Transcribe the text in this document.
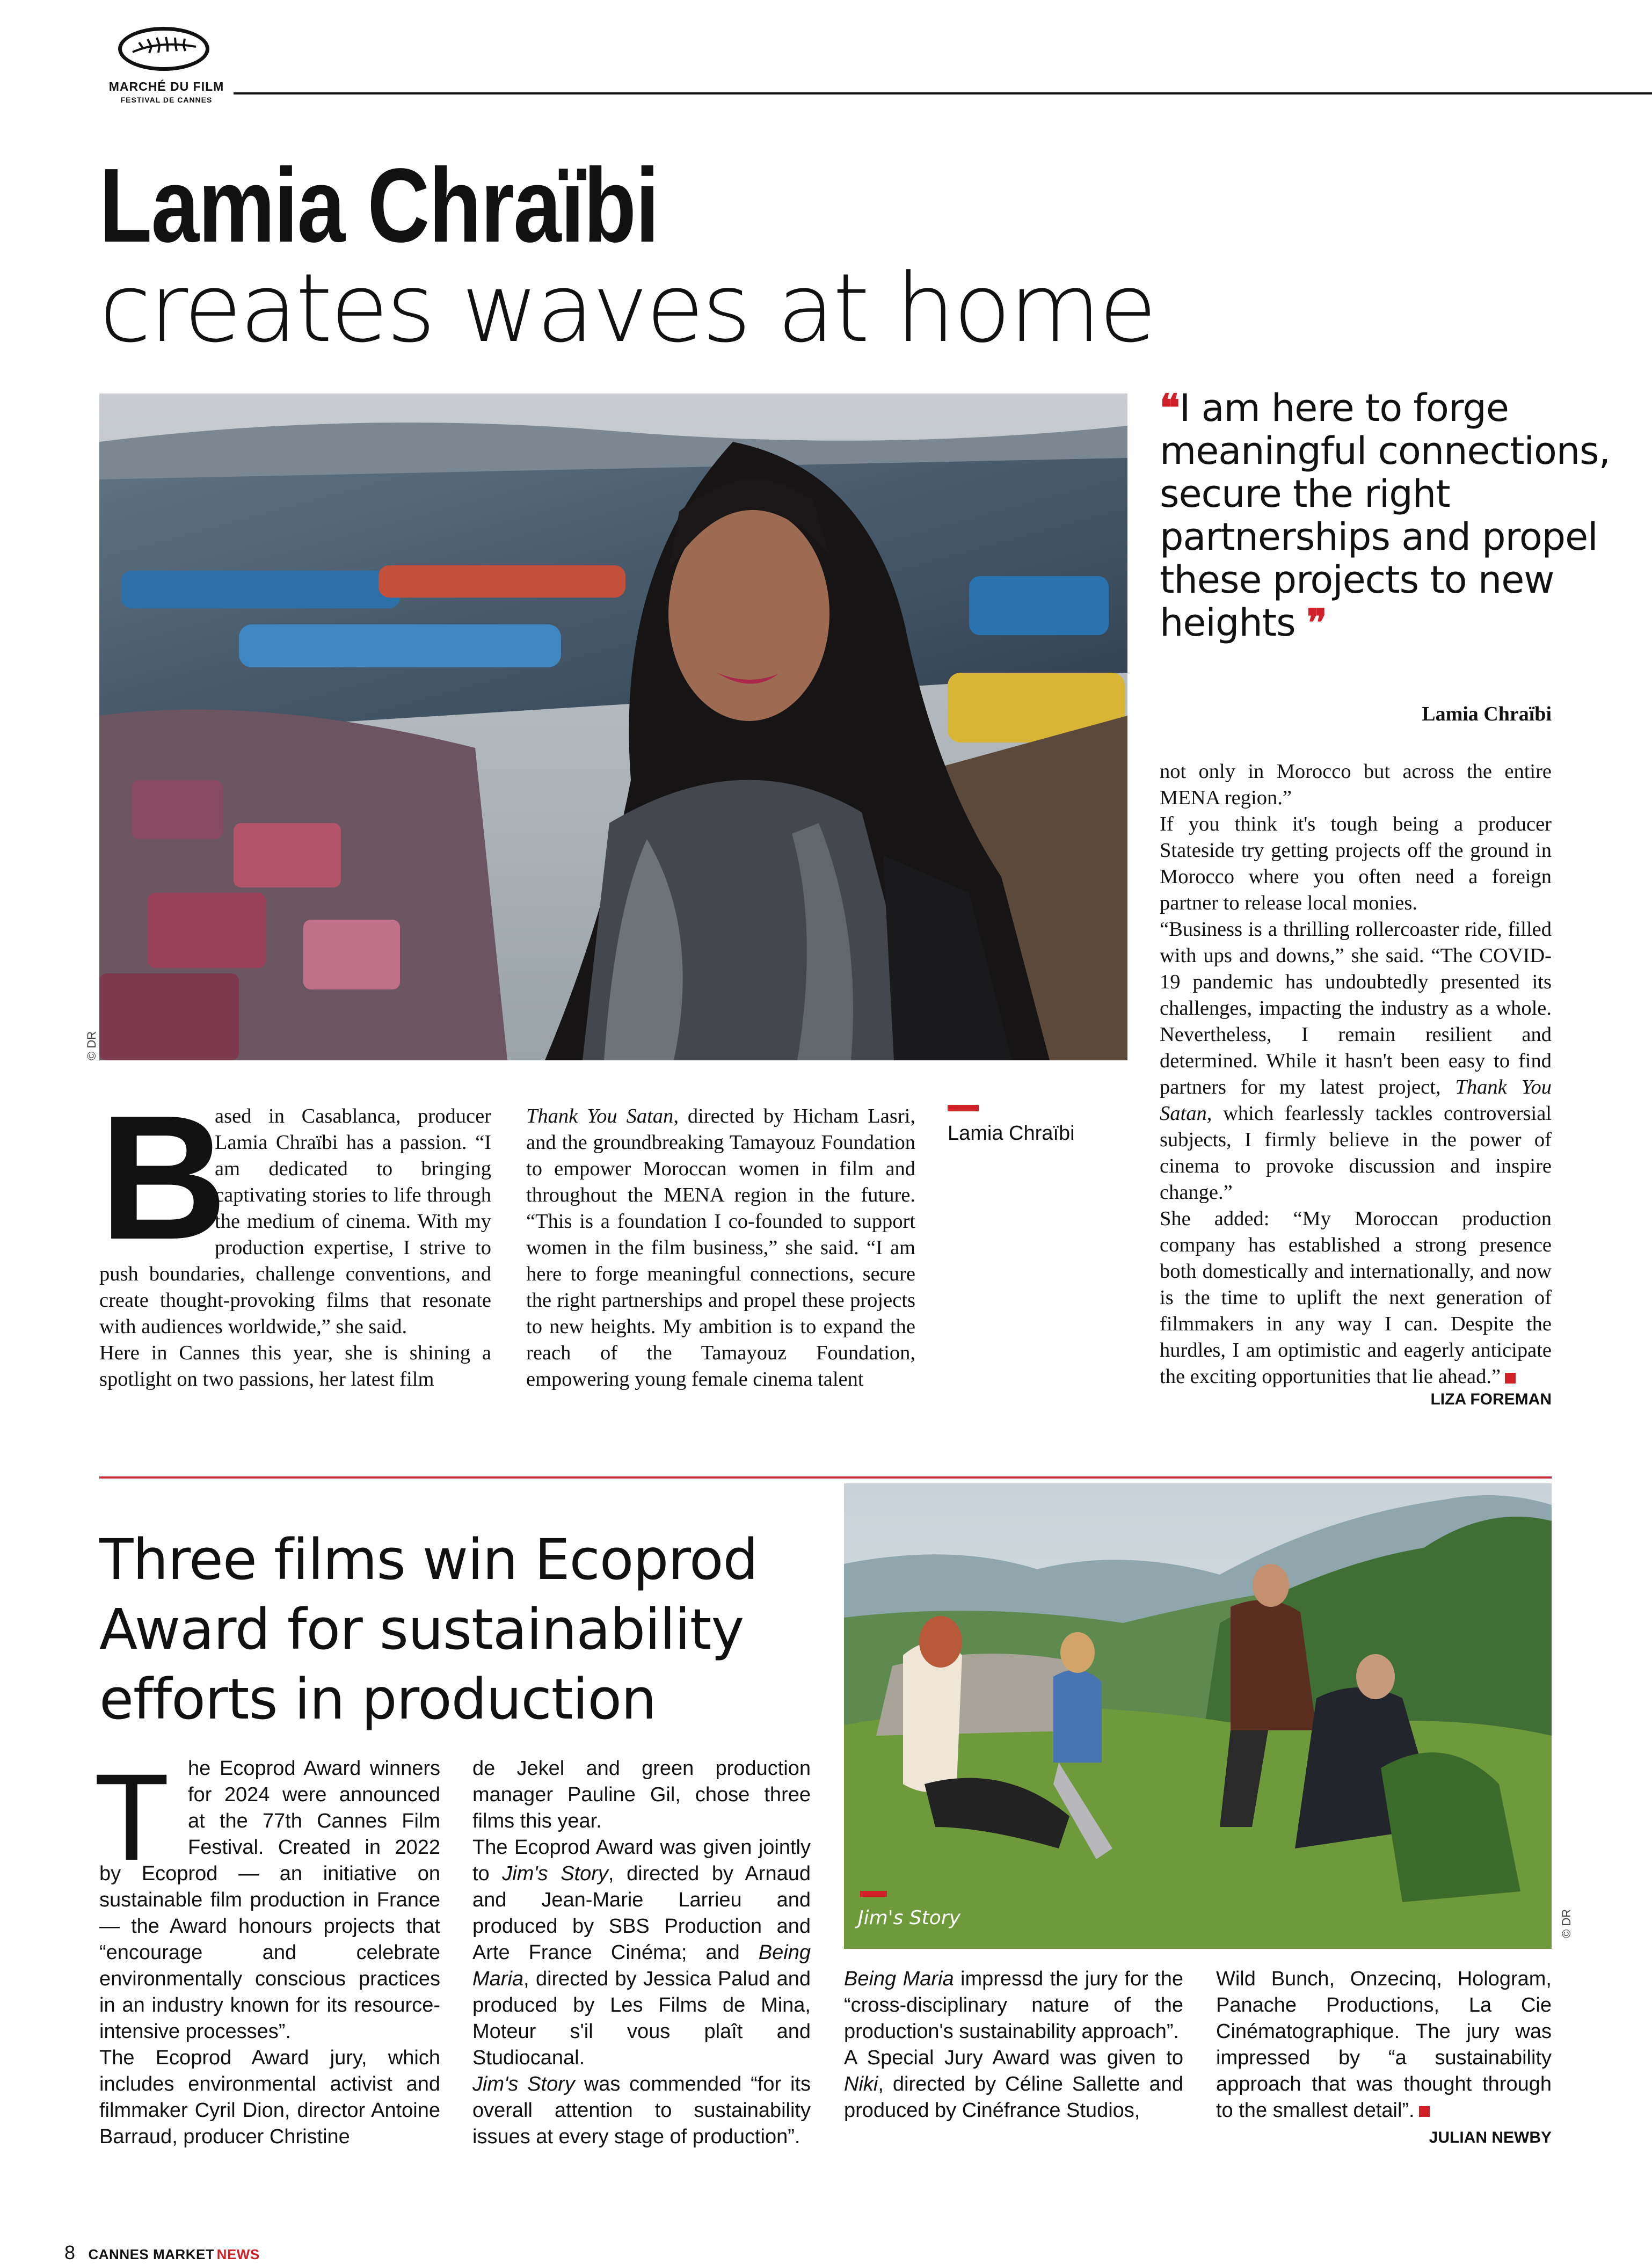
MARCHÉ DU FILM
FESTIVAL DE CANNES
Lamia Chraïbi
creates waves at home
© DR
❝I am here to forge meaningful connections, secure the right partnerships and propel these projects to new heights ❞
Lamia Chraïbi
B

ased in Casablanca, producer Lamia Chraïbi has a passion. “I am dedicated to bringing captivating stories to life through the medium of cinema. With my production expertise, I strive to push boundaries, challenge conventions, and create thought-provoking films that resonate with audiences worldwide,” she said.

Here in Cannes this year, she is shining a spotlight on two passions, her latest film

Thank You Satan, directed by Hicham Lasri, and the groundbreaking Tamayouz Foundation to empower Moroccan women in film and throughout the MENA region in the future. “This is a foundation I co-founded to support women in the film business,” she said. “I am here to forge meaningful connections, secure the right partnerships and propel these projects to new heights. My ambition is to expand the reach of the Tamayouz Foundation, empowering young female cinema talent

Lamia Chraïbi

not only in Morocco but across the entire MENA region.”

If you think it's tough being a producer Stateside try getting projects off the ground in Morocco where you often need a foreign partner to release local monies.

“Business is a thrilling rollercoaster ride, filled with ups and downs,” she said. “The COVID-19 pandemic has undoubtedly presented its challenges, impacting the industry as a whole. Nevertheless, I remain resilient and determined. While it hasn't been easy to find partners for my latest project, Thank You Satan, which fearlessly tackles controversial subjects, I firmly believe in the power of cinema to provoke discussion and inspire change.”

She added: “My Moroccan production company has established a strong presence both domestically and internationally, and now is the time to uplift the next generation of filmmakers in any way I can. Despite the hurdles, I am optimistic and eagerly anticipate the exciting opportunities that lie ahead.”

LIZA FOREMAN
Three films win Ecoprod Award for sustainability efforts in production
Jim's Story	© DR
T he Ecoprod Award winners for 2024 were announced at the 77th Cannes Film Festival. Created in 2022 by Ecoprod — an initiative on sustainable film production in France — the Award honours projects that “encourage and celebrate environmentally conscious practices in an industry known for its resource-intensive processes”.

The Ecoprod Award jury, which includes environmental activist and filmmaker Cyril Dion, director Antoine Barraud, producer Christine

de Jekel and green production manager Pauline Gil, chose three films this year.

The Ecoprod Award was given jointly to Jim's Story, directed by Arnaud and Jean-Marie Larrieu and produced by SBS Production and Arte France Cinéma; and Being Maria, directed by Jessica Palud and produced by Les Films de Mina, Moteur s'il vous plaît and Studiocanal.

Jim's Story was commended “for its overall attention to sustainability issues at every stage of production”.

Being Maria impressd the jury for the “cross-disciplinary nature of the production's sustainability approach”.

A Special Jury Award was given to Niki, directed by Céline Sallette and produced by Cinéfrance Studios,

Wild Bunch, Onzecinq, Hologram, Panache Productions, La Cie Cinématographique. The jury was impressed by “a sustainability approach that was thought through to the smallest detail”.

JULIAN NEWBY
8 CANNES MARKET NEWS
